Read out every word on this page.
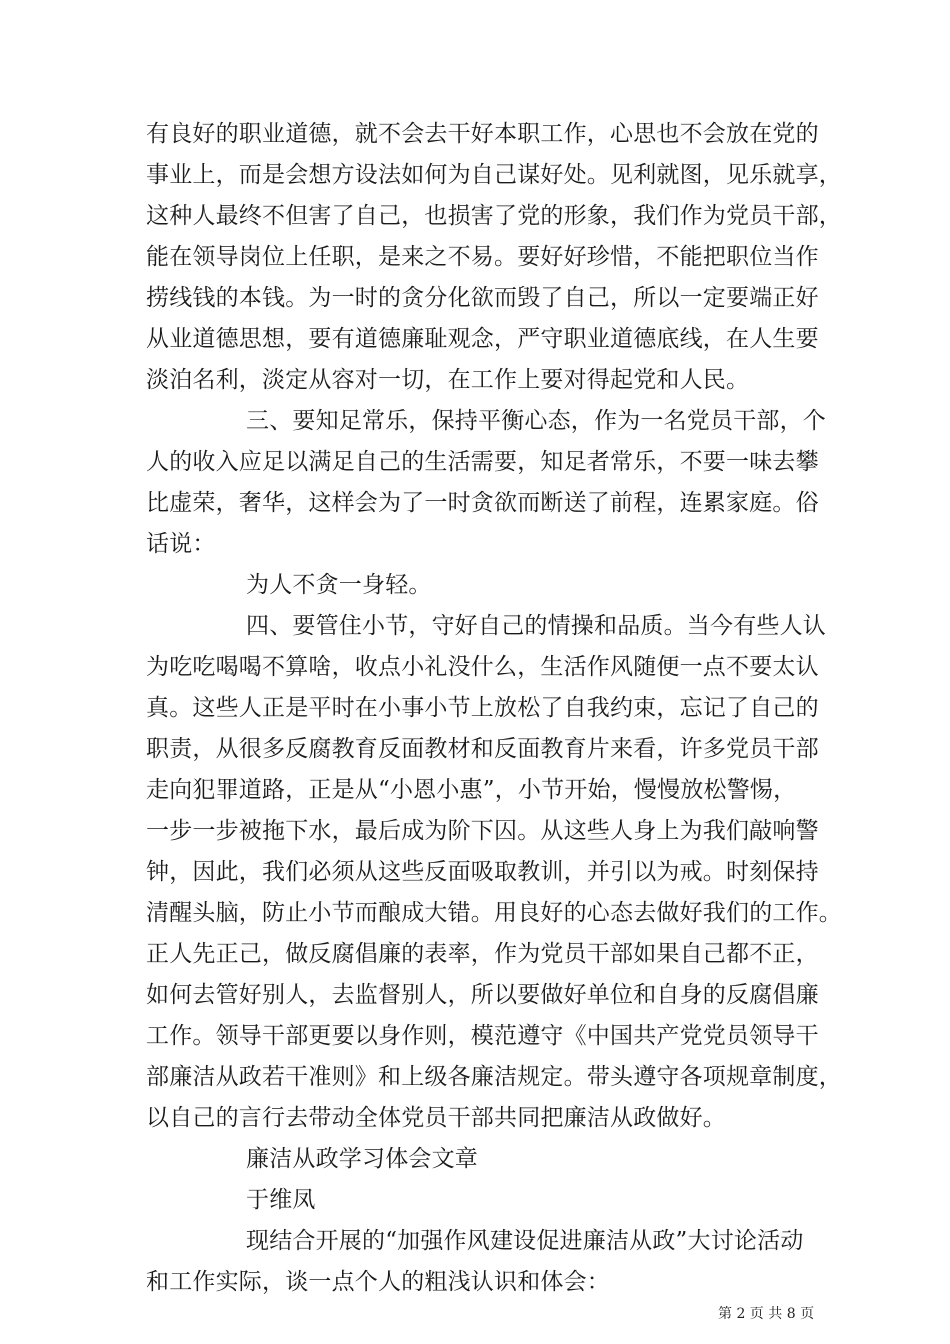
有良好的职业道德，就不会去干好本职工作，心思也不会放在党的
事业上，而是会想方设法如何为自己谋好处。见利就图，见乐就享，
这种人最终不但害了自己，也损害了党的形象，我们作为党员干部，
能在领导岗位上任职，是来之不易。要好好珍惜，不能把职位当作
捞线钱的本钱。为一时的贪分化欲而毁了自己，所以一定要端正好
从业道德思想，要有道德廉耻观念，严守职业道德底线，在人生要
淡泊名利，淡定从容对一切，在工作上要对得起党和人民。
三、要知足常乐，保持平衡心态，作为一名党员干部，个
人的收入应足以满足自己的生活需要，知足者常乐，不要一味去攀
比虚荣，奢华，这样会为了一时贪欲而断送了前程，连累家庭。俗
话说：
为人不贪一身轻。
四、要管住小节，守好自己的情操和品质。当今有些人认
为吃吃喝喝不算啥，收点小礼没什么，生活作风随便一点不要太认
真。这些人正是平时在小事小节上放松了自我约束，忘记了自己的
职责，从很多反腐教育反面教材和反面教育片来看，许多党员干部
走向犯罪道路，正是从“小恩小惠”，小节开始，慢慢放松警惕，
一步一步被拖下水，最后成为阶下囚。从这些人身上为我们敲响警
钟，因此，我们必须从这些反面吸取教训，并引以为戒。时刻保持
清醒头脑，防止小节而酿成大错。用良好的心态去做好我们的工作。
正人先正己，做反腐倡廉的表率，作为党员干部如果自己都不正，
如何去管好别人，去监督别人，所以要做好单位和自身的反腐倡廉
工作。领导干部更要以身作则，模范遵守《中国共产党党员领导干
部廉洁从政若干准则》和上级各廉洁规定。带头遵守各项规章制度，
以自己的言行去带动全体党员干部共同把廉洁从政做好。
廉洁从政学习体会文章
于维凤
现结合开展的“加强作风建设促进廉洁从政”大讨论活动
和工作实际，谈一点个人的粗浅认识和体会：
第 2 页 共 8 页
